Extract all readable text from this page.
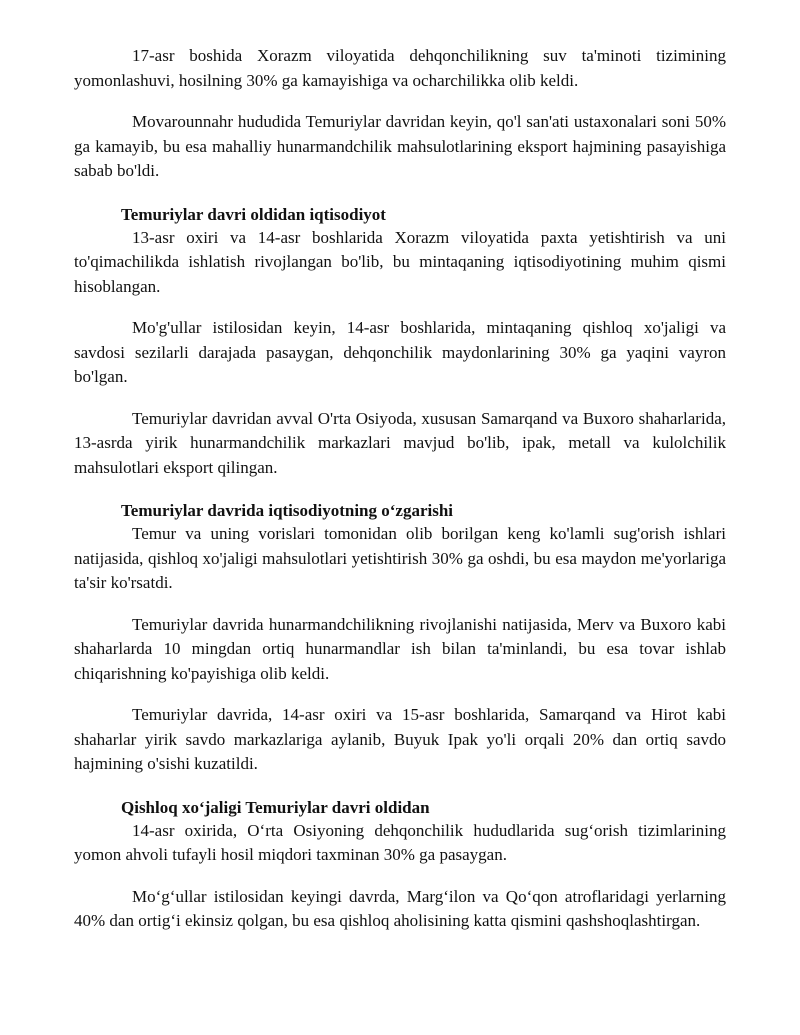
17-asr boshida Xorazm viloyatida dehqonchilikning suv ta'minoti tizimining yomonlashuvi, hosilning 30% ga kamayishiga va ocharchilikka olib keldi.

Movarounnahr hududida Temuriylar davridan keyin, qo'l san'ati ustaxonalari soni 50% ga kamayib, bu esa mahalliy hunarmandchilik mahsulotlarining eksport hajmining pasayishiga sabab bo'ldi.

Temuriylar davri oldidan iqtisodiyot

13-asr oxiri va 14-asr boshlarida Xorazm viloyatida paxta yetishtirish va uni to'qimachilikda ishlatish rivojlangan bo'lib, bu mintaqaning iqtisodiyotining muhim qismi hisoblangan.

Mo'g'ullar istilosidan keyin, 14-asr boshlarida, mintaqaning qishloq xo'jaligi va savdosi sezilarli darajada pasaygan, dehqonchilik maydonlarining 30% ga yaqini vayron bo'lgan.

Temuriylar davridan avval O'rta Osiyoda, xususan Samarqand va Buxoro shaharlarida, 13-asrda yirik hunarmandchilik markazlari mavjud bo'lib, ipak, metall va kulolchilik mahsulotlari eksport qilingan.

Temuriylar davrida iqtisodiyotning o‘zgarishi

Temur va uning vorislari tomonidan olib borilgan keng ko'lamli sug'orish ishlari natijasida, qishloq xo'jaligi mahsulotlari yetishtirish 30% ga oshdi, bu esa maydon me'yorlariga ta'sir ko'rsatdi.

Temuriylar davrida hunarmandchilikning rivojlanishi natijasida, Merv va Buxoro kabi shaharlarda 10 mingdan ortiq hunarmandlar ish bilan ta'minlandi, bu esa tovar ishlab chiqarishning ko'payishiga olib keldi.

Temuriylar davrida, 14-asr oxiri va 15-asr boshlarida, Samarqand va Hirot kabi shaharlar yirik savdo markazlariga aylanib, Buyuk Ipak yo'li orqali 20% dan ortiq savdo hajmining o'sishi kuzatildi.

Qishloq xo‘jaligi Temuriylar davri oldidan

14-asr oxirida, O‘rta Osiyoning dehqonchilik hududlarida sug‘orish tizimlarining yomon ahvoli tufayli hosil miqdori taxminan 30% ga pasaygan.

Mo‘g‘ullar istilosidan keyingi davrda, Marg‘ilon va Qo‘qon atroflaridagi yerlarning 40% dan ortig‘i ekinsiz qolgan, bu esa qishloq aholisining katta qismini qashshoqlashtirgan.
